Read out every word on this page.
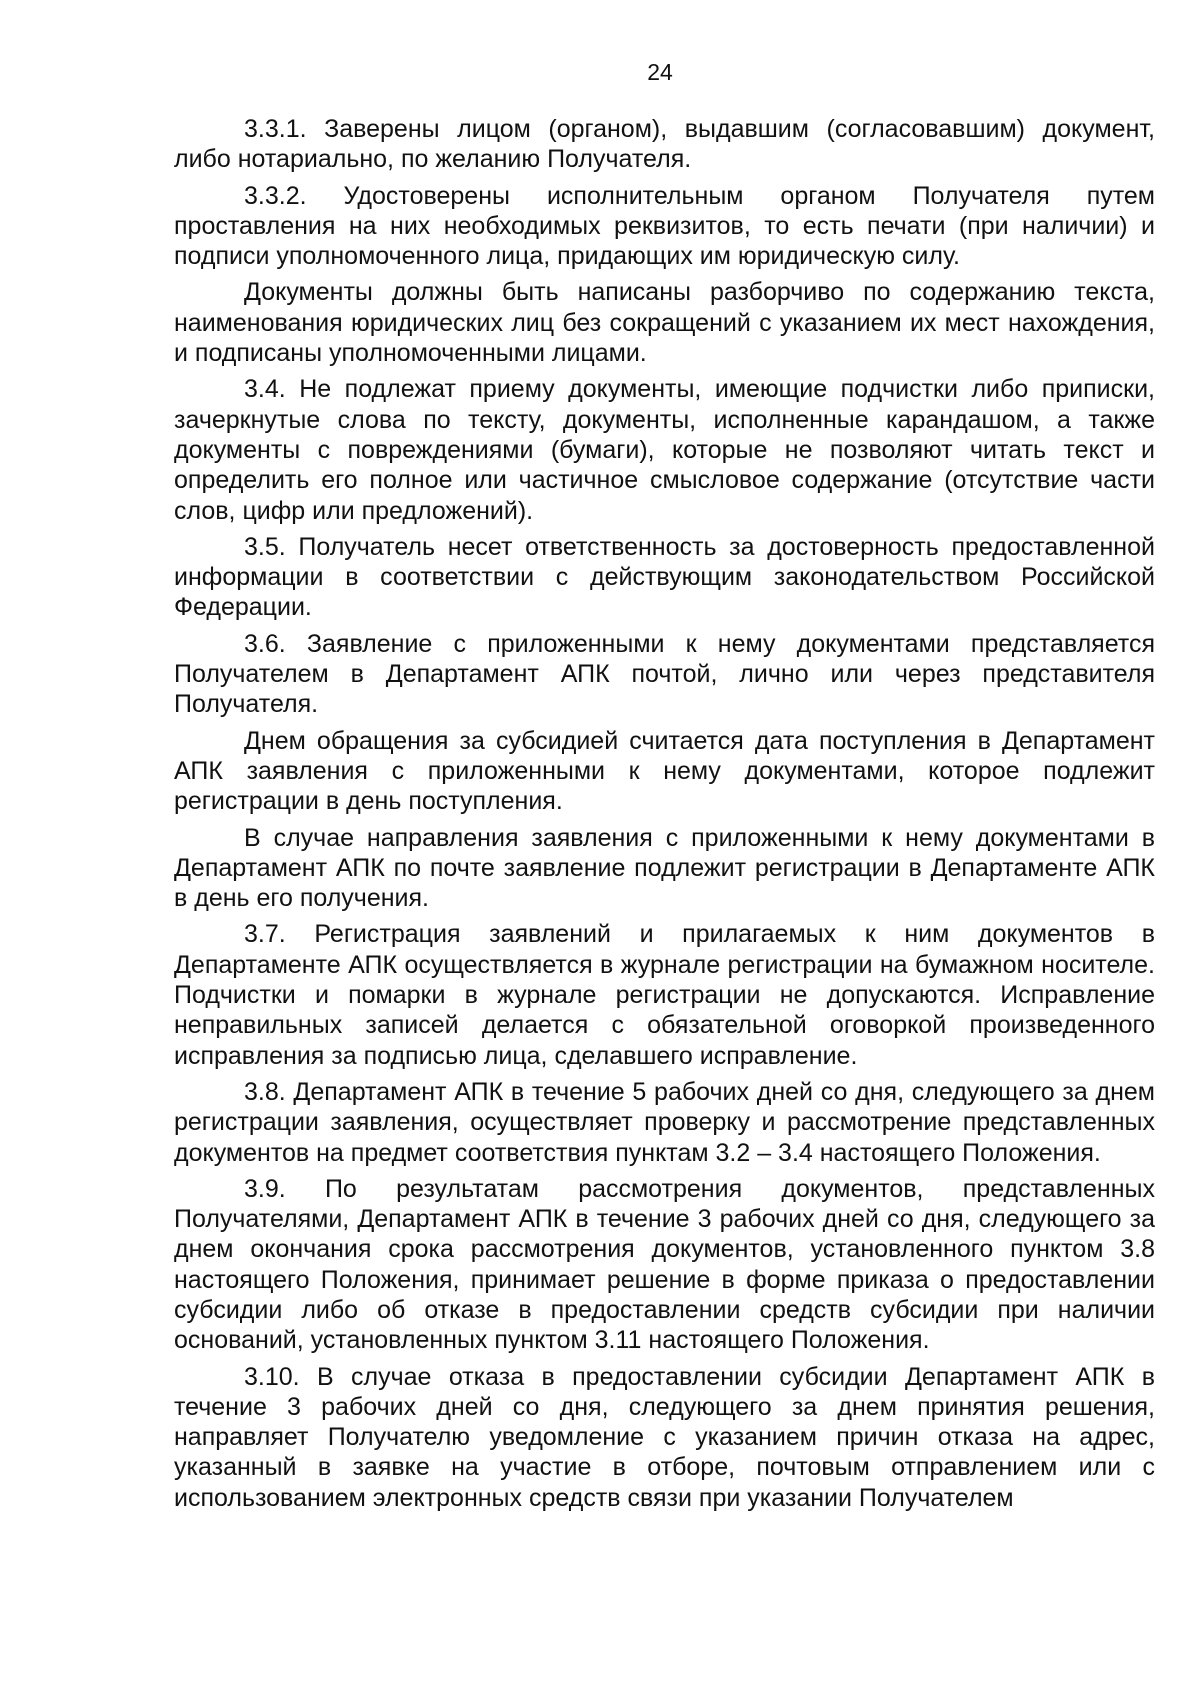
24

3.3.1. Заверены лицом (органом), выдавшим (согласовавшим) документ, либо нотариально, по желанию Получателя.

3.3.2. Удостоверены исполнительным органом Получателя путем проставления на них необходимых реквизитов, то есть печати (при наличии) и подписи уполномоченного лица, придающих им юридическую силу.

Документы должны быть написаны разборчиво по содержанию текста, наименования юридических лиц без сокращений с указанием их мест нахождения, и подписаны уполномоченными лицами.

3.4. Не подлежат приему документы, имеющие подчистки либо приписки, зачеркнутые слова по тексту, документы, исполненные карандашом, а также документы с повреждениями (бумаги), которые не позволяют читать текст и определить его полное или частичное смысловое содержание (отсутствие части слов, цифр или предложений).

3.5. Получатель несет ответственность за достоверность предоставленной информации в соответствии с действующим законодательством Российской Федерации.

3.6. Заявление с приложенными к нему документами представляется Получателем в Департамент АПК почтой, лично или через представителя Получателя.

Днем обращения за субсидией считается дата поступления в Департамент АПК заявления с приложенными к нему документами, которое подлежит регистрации в день поступления.

В случае направления заявления с приложенными к нему документами в Департамент АПК по почте заявление подлежит регистрации в Департаменте АПК в день его получения.

3.7. Регистрация заявлений и прилагаемых к ним документов в Департаменте АПК осуществляется в журнале регистрации на бумажном носителе. Подчистки и помарки в журнале регистрации не допускаются. Исправление неправильных записей делается с обязательной оговоркой произведенного исправления за подписью лица, сделавшего исправление.

3.8. Департамент АПК в течение 5 рабочих дней со дня, следующего за днем регистрации заявления, осуществляет проверку и рассмотрение представленных документов на предмет соответствия пунктам 3.2 – 3.4 настоящего Положения.

3.9. По результатам рассмотрения документов, представленных Получателями, Департамент АПК в течение 3 рабочих дней со дня, следующего за днем окончания срока рассмотрения документов, установленного пунктом 3.8 настоящего Положения, принимает решение в форме приказа о предоставлении субсидии либо об отказе в предоставлении средств субсидии при наличии оснований, установленных пунктом 3.11 настоящего Положения.

3.10. В случае отказа в предоставлении субсидии Департамент АПК в течение 3 рабочих дней со дня, следующего за днем принятия решения, направляет Получателю уведомление с указанием причин отказа на адрес, указанный в заявке на участие в отборе, почтовым отправлением или с использованием электронных средств связи при указании Получателем
